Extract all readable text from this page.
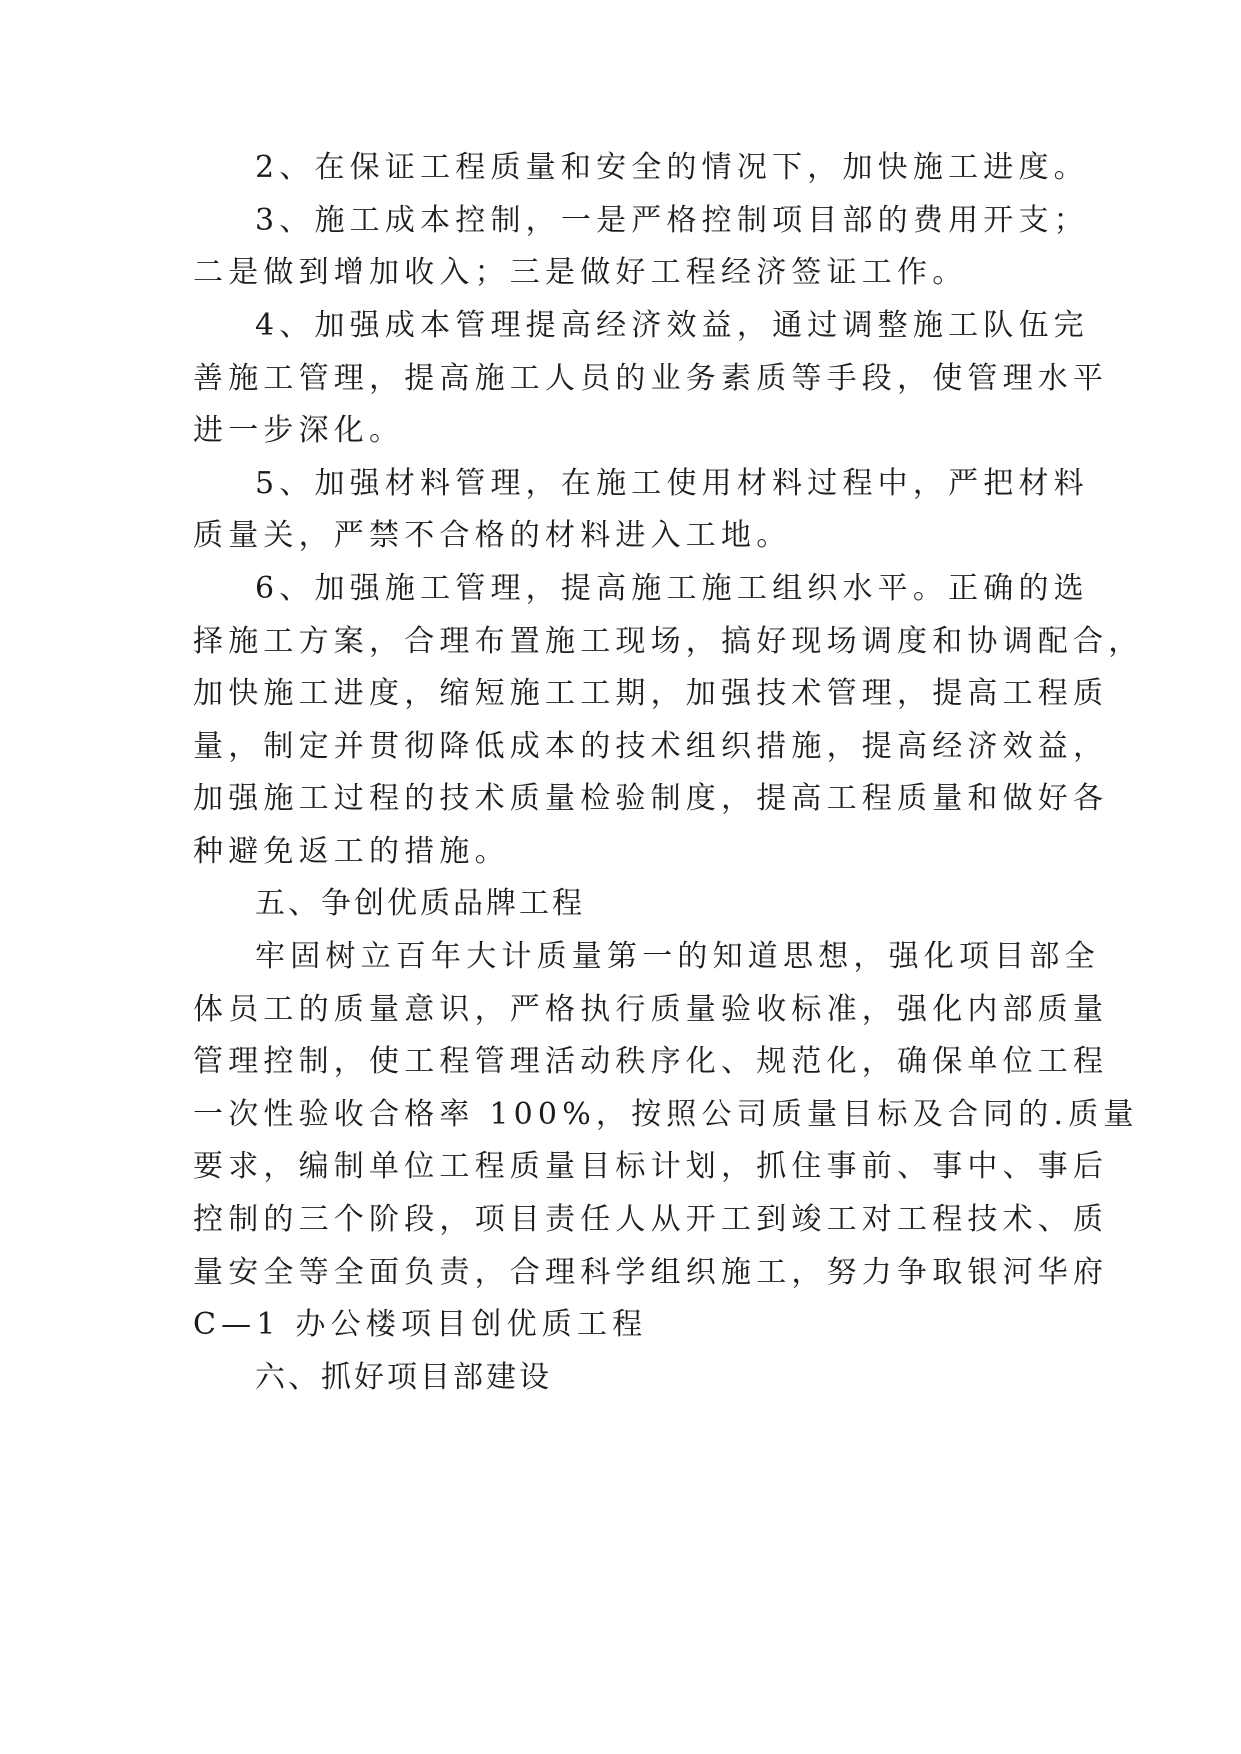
2、在保证工程质量和安全的情况下，加快施工进度。
3、施工成本控制，一是严格控制项目部的费用开支；
二是做到增加收入；三是做好工程经济签证工作。
4、加强成本管理提高经济效益，通过调整施工队伍完
善施工管理，提高施工人员的业务素质等手段，使管理水平
进一步深化。
5、加强材料管理，在施工使用材料过程中，严把材料
质量关，严禁不合格的材料进入工地。
6、加强施工管理，提高施工施工组织水平。正确的选
择施工方案，合理布置施工现场，搞好现场调度和协调配合，
加快施工进度，缩短施工工期，加强技术管理，提高工程质
量，制定并贯彻降低成本的技术组织措施，提高经济效益，
加强施工过程的技术质量检验制度，提高工程质量和做好各
种避免返工的措施。
五、争创优质品牌工程
牢固树立百年大计质量第一的知道思想，强化项目部全
体员工的质量意识，严格执行质量验收标准，强化内部质量
管理控制，使工程管理活动秩序化、规范化，确保单位工程
一次性验收合格率 100%，按照公司质量目标及合同的.质量
要求，编制单位工程质量目标计划，抓住事前、事中、事后
控制的三个阶段，项目责任人从开工到竣工对工程技术、质
量安全等全面负责，合理科学组织施工，努力争取银河华府
C—1 办公楼项目创优质工程
六、抓好项目部建设
